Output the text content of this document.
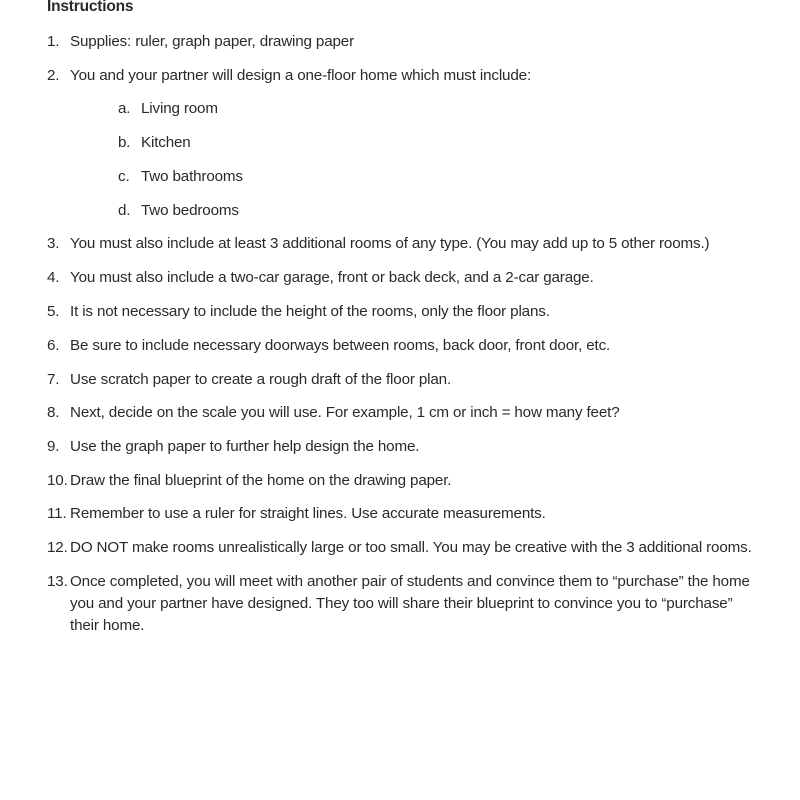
Instructions
1. Supplies: ruler, graph paper, drawing paper
2. You and your partner will design a one-floor home which must include:
a. Living room
b. Kitchen
c. Two bathrooms
d. Two bedrooms
3. You must also include at least 3 additional rooms of any type. (You may add up to 5 other rooms.)
4. You must also include a two-car garage, front or back deck, and a 2-car garage.
5. It is not necessary to include the height of the rooms, only the floor plans.
6. Be sure to include necessary doorways between rooms, back door, front door, etc.
7. Use scratch paper to create a rough draft of the floor plan.
8. Next, decide on the scale you will use. For example, 1 cm or inch = how many feet?
9. Use the graph paper to further help design the home.
10. Draw the final blueprint of the home on the drawing paper.
11. Remember to use a ruler for straight lines. Use accurate measurements.
12. DO NOT make rooms unrealistically large or too small. You may be creative with the 3 additional rooms.
13. Once completed, you will meet with another pair of students and convince them to “purchase” the home you and your partner have designed. They too will share their blueprint to convince you to “purchase” their home.
